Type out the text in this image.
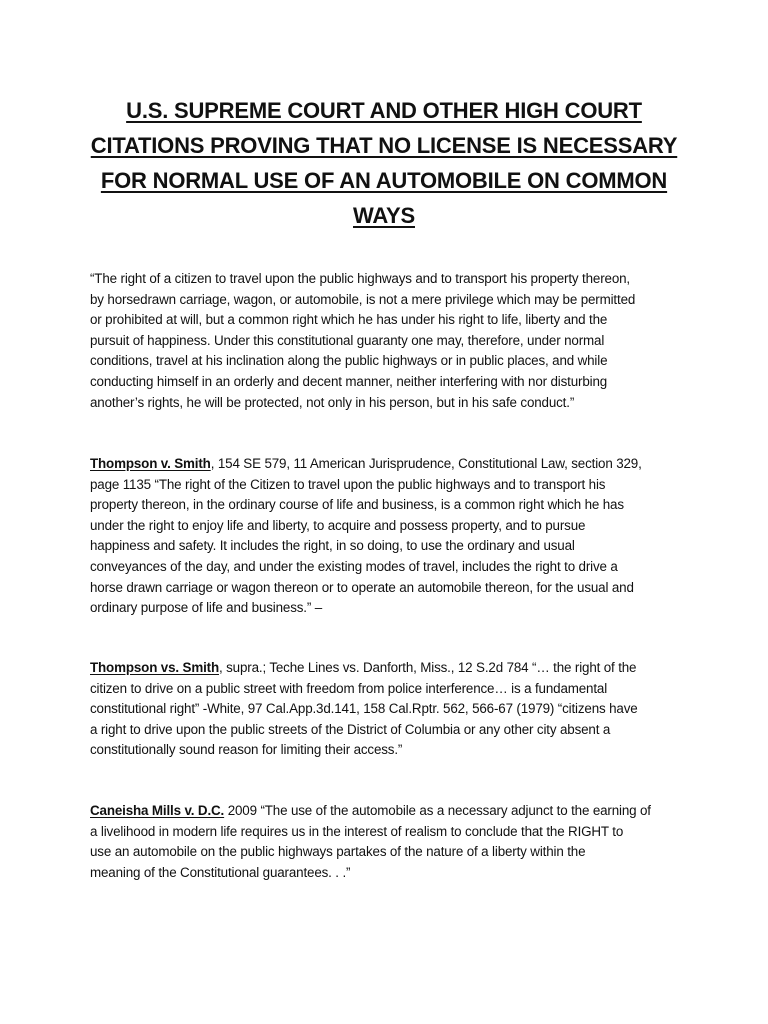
U.S. SUPREME COURT AND OTHER HIGH COURT
CITATIONS PROVING THAT NO LICENSE IS NECESSARY
FOR NORMAL USE OF AN AUTOMOBILE ON COMMON
WAYS
“The right of a citizen to travel upon the public highways and to transport his property thereon,
by horsedrawn carriage, wagon, or automobile, is not a mere privilege which may be permitted
or prohibited at will, but a common right which he has under his right to life, liberty and the
pursuit of happiness. Under this constitutional guaranty one may, therefore, under normal
conditions, travel at his inclination along the public highways or in public places, and while
conducting himself in an orderly and decent manner, neither interfering with nor disturbing
another’s rights, he will be protected, not only in his person, but in his safe conduct.”
Thompson v. Smith, 154 SE 579, 11 American Jurisprudence, Constitutional Law, section 329,
page 1135 “The right of the Citizen to travel upon the public highways and to transport his
property thereon, in the ordinary course of life and business, is a common right which he has
under the right to enjoy life and liberty, to acquire and possess property, and to pursue
happiness and safety. It includes the right, in so doing, to use the ordinary and usual
conveyances of the day, and under the existing modes of travel, includes the right to drive a
horse drawn carriage or wagon thereon or to operate an automobile thereon, for the usual and
ordinary purpose of life and business.” –
Thompson vs. Smith, supra.; Teche Lines vs. Danforth, Miss., 12 S.2d 784 “… the right of the
citizen to drive on a public street with freedom from police interference… is a fundamental
constitutional right” -White, 97 Cal.App.3d.141, 158 Cal.Rptr. 562, 566-67 (1979) “citizens have
a right to drive upon the public streets of the District of Columbia or any other city absent a
constitutionally sound reason for limiting their access.”
Caneisha Mills v. D.C. 2009 “The use of the automobile as a necessary adjunct to the earning of
a livelihood in modern life requires us in the interest of realism to conclude that the RIGHT to
use an automobile on the public highways partakes of the nature of a liberty within the
meaning of the Constitutional guarantees. . .”
